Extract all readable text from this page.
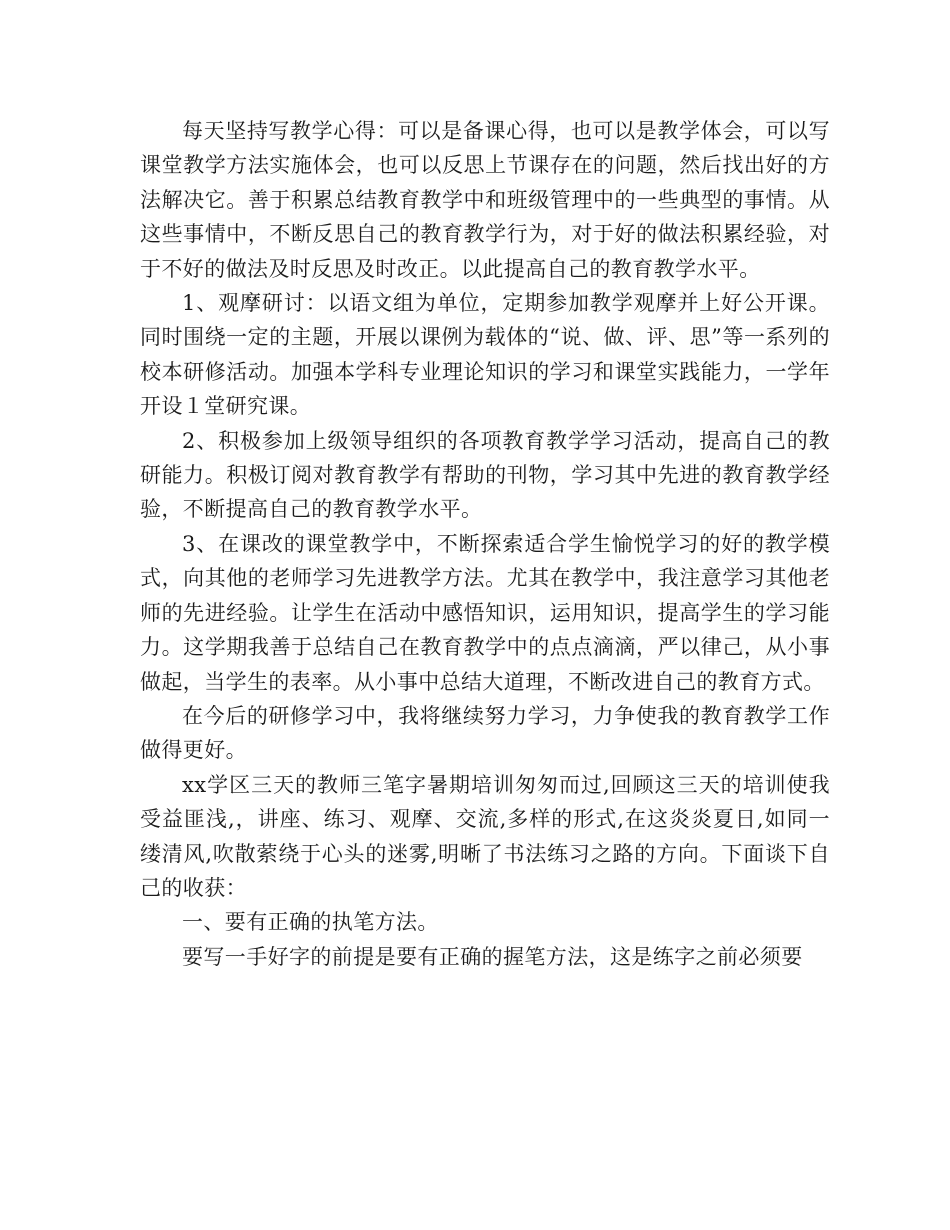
每天坚持写教学心得：可以是备课心得，也可以是教学体会，可以写课堂教学方法实施体会，也可以反思上节课存在的问题，然后找出好的方法解决它。善于积累总结教育教学中和班级管理中的一些典型的事情。从这些事情中，不断反思自己的教育教学行为，对于好的做法积累经验，对于不好的做法及时反思及时改正。以此提高自己的教育教学水平。

1、观摩研讨：以语文组为单位，定期参加教学观摩并上好公开课。同时围绕一定的主题，开展以课例为载体的“说、做、评、思”等一系列的校本研修活动。加强本学科专业理论知识的学习和课堂实践能力，一学年开设１堂研究课。

2、积极参加上级领导组织的各项教育教学学习活动，提高自己的教研能力。积极订阅对教育教学有帮助的刊物，学习其中先进的教育教学经验，不断提高自己的教育教学水平。

3、在课改的课堂教学中，不断探索适合学生愉悦学习的好的教学模式，向其他的老师学习先进教学方法。尤其在教学中，我注意学习其他老师的先进经验。让学生在活动中感悟知识，运用知识，提高学生的学习能力。这学期我善于总结自己在教育教学中的点点滴滴，严以律己，从小事做起，当学生的表率。从小事中总结大道理，不断改进自己的教育方式。

在今后的研修学习中，我将继续努力学习，力争使我的教育教学工作做得更好。

xx学区三天的教师三笔字暑期培训匆匆而过,回顾这三天的培训使我受益匪浅,，讲座、练习、观摩、交流,多样的形式,在这炎炎夏日,如同一缕清风,吹散萦绕于心头的迷雾,明晰了书法练习之路的方向。下面谈下自己的收获：

一、要有正确的执笔方法。

要写一手好字的前提是要有正确的握笔方法，这是练字之前必须要
